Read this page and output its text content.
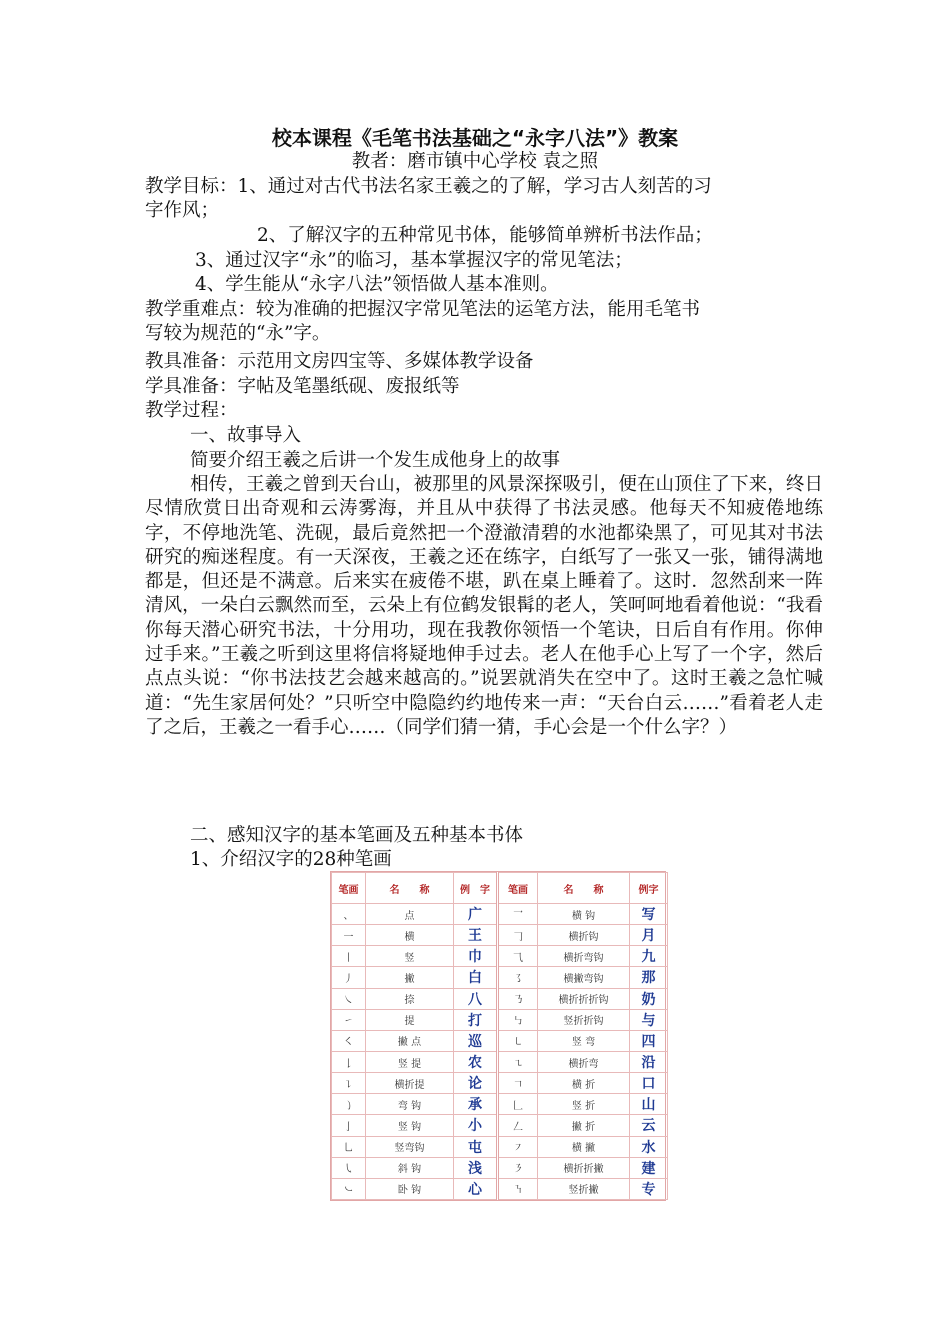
校本课程《毛笔书法基础之“永字八法”》教案
教者：磨市镇中心学校 袁之照
教学目标：1、通过对古代书法名家王羲之的了解，学习古人刻苦的习
字作风；
2、了解汉字的五种常见书体，能够简单辨析书法作品；
3、通过汉字“永”的临习，基本掌握汉字的常见笔法；
4、学生能从“永字八法”领悟做人基本准则。
教学重难点：较为准确的把握汉字常见笔法的运笔方法，能用毛笔书
写较为规范的“永”字。
教具准备：示范用文房四宝等、多媒体教学设备
学具准备：字帖及笔墨纸砚、废报纸等
教学过程：
一、故事导入
简要介绍王羲之后讲一个发生成他身上的故事
相传，王羲之曾到天台山，被那里的风景深探吸引，便在山顶住了下来，终日尽情欣赏日出奇观和云涛雾海，并且从中获得了书法灵感。他每天不知疲倦地练字，不停地洗笔、洗砚，最后竟然把一个澄澈清碧的水池都染黑了，可见其对书法研究的痴迷程度。有一天深夜，王羲之还在练字，白纸写了一张又一张，铺得满地都是，但还是不满意。后来实在疲倦不堪，趴在桌上睡着了。这时．忽然刮来一阵清风，一朵白云飘然而至，云朵上有位鹤发银髯的老人，笑呵呵地看着他说：“我看你每天潜心研究书法，十分用功，现在我教你领悟一个笔诀，日后自有作用。你伸过手来。”王羲之听到这里将信将疑地伸手过去。老人在他手心上写了一个字，然后点点头说：“你书法技艺会越来越高的。”说罢就消失在空中了。这时王羲之急忙喊道：“先生家居何处？”只听空中隐隐约约地传来一声：“天台白云……”看着老人走了之后，王羲之一看手心……（同学们猜一猜，手心会是一个什么字？）
二、感知汉字的基本笔画及五种基本书体
1、介绍汉字的28种笔画
笔画	名　　称	例　字	笔画	名　　称	例字
、	点	广	乛	横 钩	写
一	横	王	𠃌	横折钩	月
丨	竖	巾	⺄	横折弯钩	九
丿	撇	白	㇌	横撇弯钩	那
㇏	捺	八	㇡	横折折折钩	奶
㇀	提	打	㇉	竖折折钩	与
㇛	撇 点	巡	㇄	竖 弯	四
𠄌	竖 提	农	㇍	横折弯	沿
㇊	横折提	论	𠃍	横 折	口
㇁	弯 钩	承	𠃊	竖 折	山
亅	竖 钩	小	𠃋	撇 折	云
乚	竖弯钩	屯	㇇	横 撇	水
㇂	斜 钩	浅	㇋	横折折撇	建
㇃	卧 钩	心	㇎	竖折撇	专
